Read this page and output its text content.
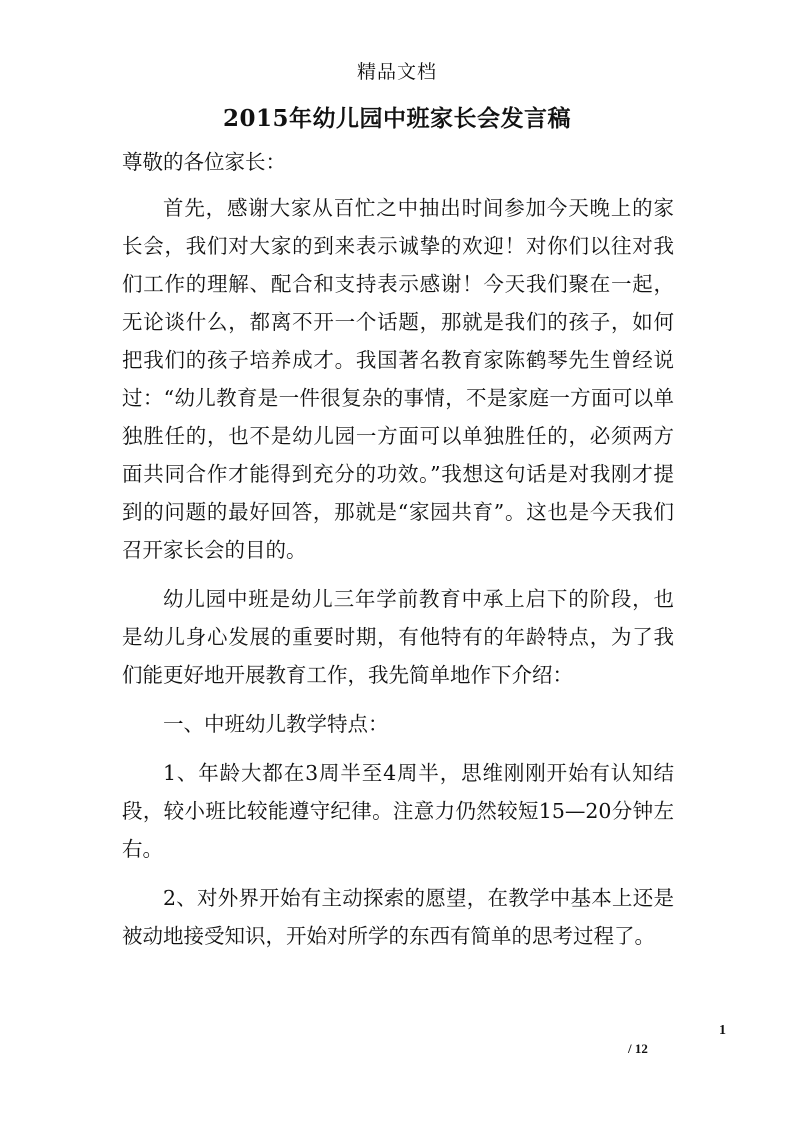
精品文档
2015年幼儿园中班家长会发言稿

尊敬的各位家长：

首先，感谢大家从百忙之中抽出时间参加今天晚上的家长会，我们对大家的到来表示诚挚的欢迎！对你们以往对我们工作的理解、配合和支持表示感谢！今天我们聚在一起，无论谈什么，都离不开一个话题，那就是我们的孩子，如何把我们的孩子培养成才。我国著名教育家陈鹤琴先生曾经说过：“幼儿教育是一件很复杂的事情，不是家庭一方面可以单独胜任的，也不是幼儿园一方面可以单独胜任的，必须两方面共同合作才能得到充分的功效。”我想这句话是对我刚才提到的问题的最好回答，那就是“家园共育”。这也是今天我们召开家长会的目的。

幼儿园中班是幼儿三年学前教育中承上启下的阶段，也是幼儿身心发展的重要时期，有他特有的年龄特点，为了我们能更好地开展教育工作，我先简单地作下介绍：

一、中班幼儿教学特点：

1、年龄大都在3周半至4周半，思维刚刚开始有认知结段，较小班比较能遵守纪律。注意力仍然较短15—20分钟左右。

2、对外界开始有主动探索的愿望，在教学中基本上还是被动地接受知识，开始对所学的东西有简单的思考过程了。

1
/ 12
